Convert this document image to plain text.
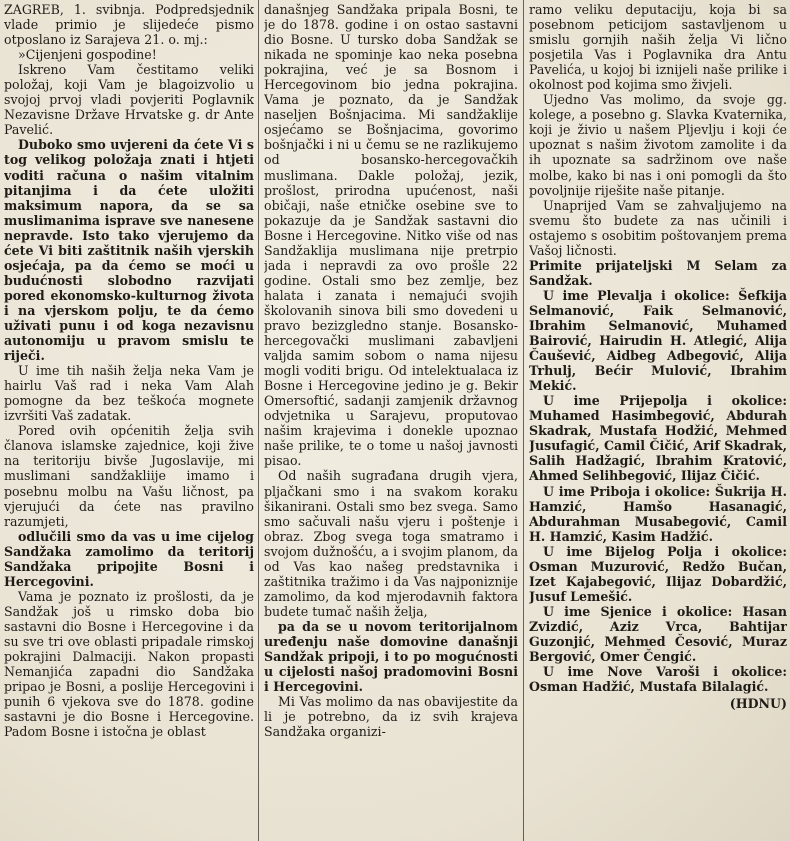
ZAGREB, 1. svibnja. Podpredsjednik vlade primio je slijedeće pismo otposlano iz Sarajeva 21. o. mj.:

»Cijenjeni gospodine!

Iskreno Vam čestitamo veliki položaj, koji Vam je blagoizvolio u svojoj prvoj vladi povjeriti Poglavnik Nezavisne Države Hrvatske g. dr Ante Pavelić.

Duboko smo uvjereni da ćete Vi s tog velikog položaja znati i htjeti voditi računa o našim vitalnim pitanjima i da ćete uložiti maksimum napora, da se sa muslimanima isprave sve nanesene nepravde. Isto tako vjerujemo da ćete Vi biti zaštitnik naših vjerskih osjećaja, pa da ćemo se moći u budućnosti slobodno razvijati pored ekonomsko-kulturnog života i na vjerskom polju, te da ćemo uživati punu i od koga nezavisnu autonomiju u pravom smislu te riječi.

U ime tih naših želja neka Vam je hairlu Vaš rad i neka Vam Alah pomogne da bez teškoća mognete izvršiti Vaš zadatak.

Pored ovih općenitih želja svih članova islamske zajednice, koji žive na teritoriju bivše Jugoslavije, mi muslimani sandžakliije imamo i posebnu molbu na Vašu ličnost, pa vjerujući da ćete nas pravilno razumjeti,

odlučili smo da vas u ime cijelog Sandžaka zamolimo da teritorij Sandžaka pripojite Bosni i Hercegovini.

Vama je poznato iz prošlosti, da je Sandžak još u rimsko doba bio sastavni dio Bosne i Hercegovine i da su sve tri ove oblasti pripadale rimskoj pokrajini Dalmaciji. Nakon propasti Nemanjića zapadni dio Sandžaka pripao je Bosni, a poslije Hercegovini i punih 6 vjekova sve do 1878. godine sastavni je dio Bosne i Hercegovine. Padom Bosne i istočna je oblast

današnjeg Sandžaka pripala Bosni, te je do 1878. godine i on ostao sastavni dio Bosne. U tursko doba Sandžak se nikada ne spominje kao neka posebna pokrajina, već je sa Bosnom i Hercegovinom bio jedna pokrajina. Vama je poznato, da je Sandžak naseljen Bošnjacima. Mi sandžaklije osjećamo se Bošnjacima, govorimo bošnjački i ni u čemu se ne razlikujemo od bosansko-hercegovačkih muslimana. Dakle položaj, jezik, prošlost, prirodna upućenost, naši običaji, naše etničke osebine sve to pokazuje da je Sandžak sastavni dio Bosne i Hercegovine. Nitko više od nas Sandžaklija muslimana nije pretrpio jada i nepravdi za ovo prošle 22 godine. Ostali smo bez zemlje, bez halata i zanata i nemajući svojih školovanih sinova bili smo dovedeni u pravo bezizgledno stanje. Bosansko-hercegovački muslimani zabavljeni valjda samim sobom o nama nijesu mogli voditi brigu. Od intelektualaca iz Bosne i Hercegovine jedino je g. Bekir Omersoftić, sadanji zamjenik državnog odvjetnika u Sarajevu, proputovao našim krajevima i donekle upoznao naše prilike, te o tome u našoj javnosti pisao.

Od naših sugrađana drugih vjera, pljačkani smo i na svakom koraku šikanirani. Ostali smo bez svega. Samo smo sačuvali našu vjeru i poštenje i obraz. Zbog svega toga smatramo i svojom dužnošću, a i svojim planom, da od Vas kao našeg predstavnika i zaštitnika tražimo i da Vas najponiznije zamolimo, da kod mjerodavnih faktora budete tumač naših želja,

pa da se u novom teritorijalnom uređenju naše domovine današnji Sandžak pripoji, i to po mogućnosti u cijelosti našoj pradomovini Bosni i Hercegovini.

Mi Vas molimo da nas obavijestite da li je potrebno, da iz svih krajeva Sandžaka organizi-

ramo veliku deputaciju, koja bi sa posebnom peticijom sastavljenom u smislu gornjih naših želja Vi lično posjetila Vas i Poglavnika dra Antu Pavelića, u kojoj bi iznijeli naše prilike i okolnost pod kojima smo živjeli.

Ujedno Vas molimo, da svoje gg. kolege, a posebno g. Slavka Kvaternika, koji je živio u našem Plјevlju i koji će upoznat s našim životom zamolite i da ih upoznate sa sadržinom ove naše molbe, kako bi nas i oni pomogli da što povoljnije riješite naše pitanje.

Unaprijed Vam se zahvaljujemo na svemu što budete za nas učinili i ostajemo s osobitim poštovanjem prema Vašoj ličnosti.

Primite prijateljski M Selam za Sandžak.

U ime Plevalja i okolice: Šefkija Selmanović, Faik Selmanović, Ibrahim Selmanović, Muhamed Bairović, Hairudin H. Atlegić, Alija Čaušević, Aidbeg Adbegović, Alija Trhulj, Bećir Mulović, Ibrahim Mekić.

U ime Prijepolja i okolice: Muhamed Hasimbegović, Abdurah Skadrak, Mustafa Hodžić, Mehmed Jusufagić, Camil Čičić, Arif Skadrak, Salih Hadžagić, Ibrahim Kratović, Ahmed Selihbegović, Ilijaz Čičić.

U ime Priboja i okolice: Šukrija H. Hamzić, Hamšo Hasanagić, Abdurahman Musabegović, Camil H. Hamzić, Kasim Hadžić.

U ime Bijelog Polja i okolice: Osman Muzurović, Redžo Bučan, Izet Kajabegović, Ilijaz Dobardžić, Jusuf Lemešić.

U ime Sjenice i okolice: Hasan Zvizdić, Aziz Vrca, Bahtijar Guzonjić, Mehmed Česović, Muraz Bergović, Omer Čengić.

U ime Nove Varoši i okolice: Osman Hadžić, Mustafa Bilalagić.

(HDNU)
